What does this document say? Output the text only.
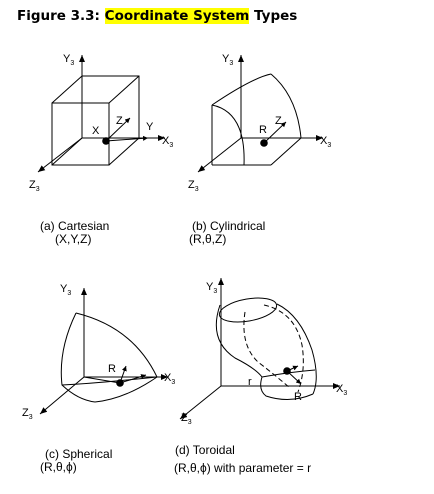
Figure 3.3: Coordinate System Types
$Y_3$
$X_3$
$Z_3$
X
Z Y
(a) Cartesian
(X,Y,Z)
$Y_3$
$X_3$
$Z_3$
R
Z
(b) Cylindrical
(R,θ,Z)
$Y_3$
$X_3$
$Z_3$
R
(c) Spherical
(R,θ,ϕ)
$Y_3$
$X_3$
$Z_3$
r
R
(d) Toroidal
(R,θ,ϕ) with parameter = r
